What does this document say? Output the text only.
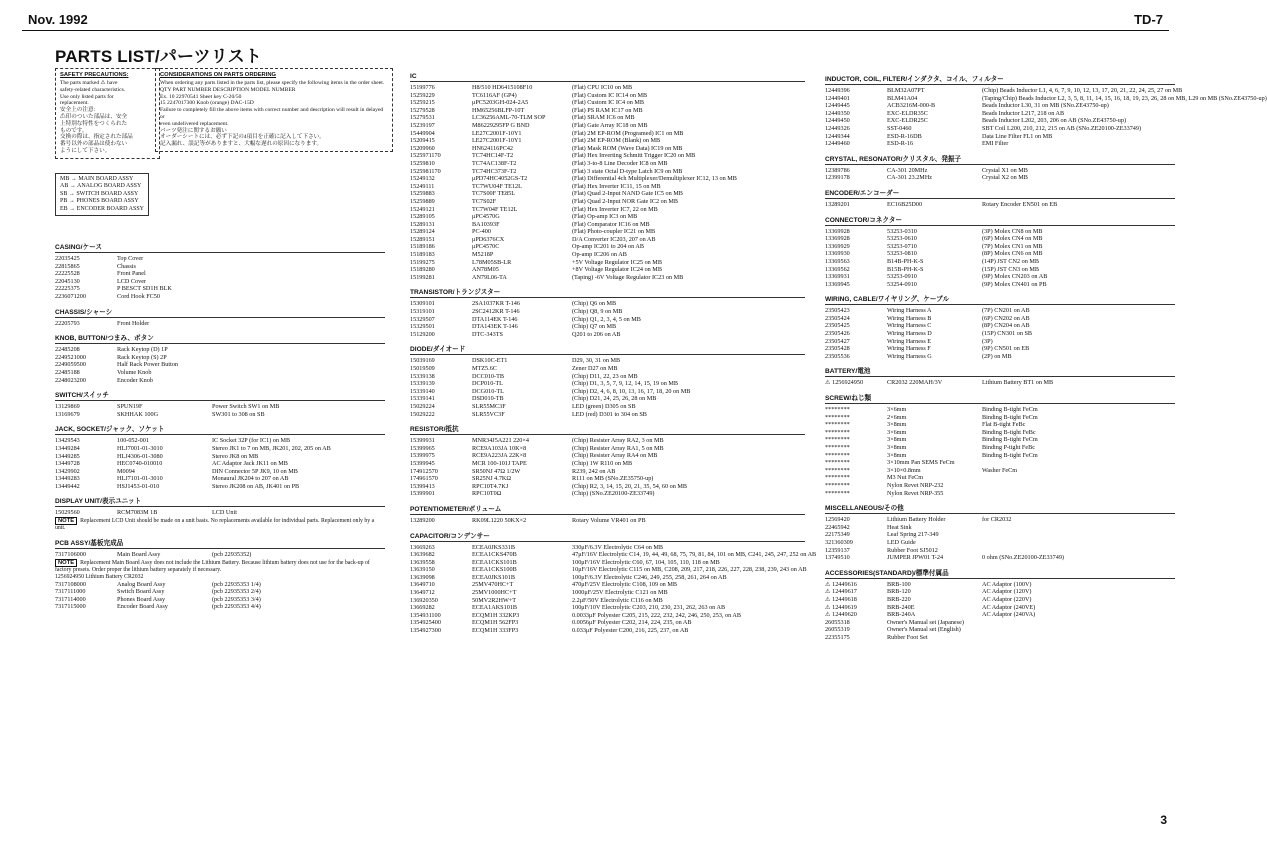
Nov. 1992	TD-7
PARTS LIST/パーツリスト
SAFETY PRECAUTIONS:
The parts marked ⚠ have
safety-related characteristics.
Use only listed parts for
replacement.
安全上の注意:
⚠印のついた部品は、安全
上特別な特性をつくられた
ものです。
交換の際は、指定された部品
番号以外の部品は使わない
ようにして下さい。
CONSIDERATIONS ON PARTS ORDERING
When ordering any parts listed in the parts list, please specify the following items in the order sheet.
QTY PART NUMBER DESCRIPTION MODEL NUMBER
Ex. 10 22970541 Sheet key C-20/50
15 2247017300 Knob (orange) DAC-15D
Failure to completely fill the above items with correct number and description will result in delayed or
even undelivered replacement.
パーツ発注に関するお願い
オーダーシートには、必ず下記の4項目を正確に記入して下さい。
記入漏れ、誤記等がありますと、大幅な遅れの原因になります。
MB → MAIN BOARD ASSY
AB → ANALOG BOARD ASSY
SB → SWITCH BOARD ASSY
PB → PHONES BOARD ASSY
EB → ENCODER BOARD ASSY
CASING/ケース
22035425	Top Cover
22815865	Chassis
22225528	Front Panel
22045130	LCD Cover
22225375	P BESCT SD1H BLK
2236071200	Cord Hook FC50
CHASSIS/シャーシ
22205793	Front Holder
KNOB, BUTTON/つまみ、ボタン
22485208	Rack Keytop (D) 1P
2249521000	Rack Keytop (S) 2P
2249059500	Half Rack Power Button
22485188	Volume Knob
2248023200	Encoder Knob
SWITCH/スイッチ
13129869	SPUN19F	Power Switch SW1 on MB
13169679	SKHHAK 100G	SW301 to 308 on SB
JACK, SOCKET/ジャック、ソケット
13429543	100-052-001	IC Socket 32P (for IC1) on MB
13449284	HLJ7001-01-3010	Stereo JK1 to 7 on MB, JK201, 202, 205 on AB
13449285	HLJ4306-01-3080	Stereo JK8 on MB
13449728	HEC0740-010010	AC Adaptor Jack JK11 on MB
13429902	M0094	DIN Connector 5P JK9, 10 on MB
13449283	HLJ7101-01-3010	Monaural JK204 to 207 on AB
13449442	HSJ1453-01-010	Stereo JK208 on AB, JK401 on PB
DISPLAY UNIT/表示ユニット
15029560	RCM7083M 1B	LCD Unit
NOTE Replacement LCD Unit should be made on a unit basis. No replacements available for individual parts. Replacement only by a unit.
PCB ASSY/基板完成品
7317106000	Main Board Assy	(pcb 22935352)
NOTE Replacement Main Board Assy does not include the Lithium Battery. Because lithium battery does not use for the back-up of factory presets. Order proper the lithium battery separately if necessary.
1256924950 Lithium Battery CR2032
7317108000	Analog Board Assy	(pcb 22935353 1/4)
7317111000	Switch Board Assy	(pcb 22935353 2/4)
7317114000	Phones Board Assy	(pcb 22935353 3/4)
7317115000	Encoder Board Assy	(pcb 22935353 4/4)
IC
15199776	H8/510 HD6415108F10	(Flat) CPU IC10 on MB
15259229	TC6116AF (GP4)	(Flat) Custom IC IC14 on MB
15259215	μPC5203GH-024-2A5	(Flat) Custom IC IC4 on MB
15279528	HM65256BLFP-10T	(Flat) PS RAM IC17 on MB
15279531	LC36256AML-70-TLM SOP	(Flat) SRAM IC6 on MB
15239197	M86229295FP G BND	(Flat) Gate Array IC18 on MB
15449904	LE27C2001F-10Y1	(Flat) 2M EP-ROM (Programed) IC1 on MB
15209415	LE27C2001F-10Y1	(Flat) 2M EP-ROM (Blank) on MB
15209960	HN624116PC42	(Flat) Mask ROM (Wave Data) IC19 on MB
1525971170	TC74HC14F-T2	(Flat) Hex Inverting Schmitt Trigger IC20 on MB
15259810	TC74AC138F-T2	(Flat) 3-to-8 Line Decoder IC8 on MB
1525981170	TC74HC373F-T2	(Flat) 3 state Octal D-type Latch IC9 on MB
15249132	μPD74HC4052GS-T2	(Flat) Differential 4ch Multiplexer/Demultiplexer IC12, 13 on MB
15249111	TC7WU04F TE12L	(Flat) Hex Inverter IC11, 15 on MB
15259883	TC7S00F TE85L	(Flat) Quad 2-Input NAND Gate IC5 on MB
15259889	TC7S02F	(Flat) Quad 2-Input NOR Gate IC2 on MB
15249121	TC7W04F TE12L	(Flat) Hex Inverter IC7, 22 on MB
15289105	μPC4570G	(Flat) Op-amp IC3 on MB
15289131	BA10393F	(Flat) Comparator IC16 on MB
15289124	PC-400	(Flat) Photo-coupler IC21 on MB
15289151	μPD6376CX	D/A Converter IC203, 207 on AB
15189186	μPC4570C	Op-amp IC201 to 204 on AB
15189183	M5218P	Op-amp IC206 on AB
15199275	L78M05SB-LR	+5V Voltage Regulator IC25 on MB
15189280	AN78M05	+8V Voltage Regulator IC24 on MB
15199281	AN79L06-TA	(Taping) -6V Voltage Regulator IC23 on MB
TRANSISTOR/トランジスター
15309101	2SA1037KR T-146	(Chip) Q6 on MB
15319101	2SC2412KR T-146	(Chip) Q8, 9 on MB
15329507	DTA114EK T-146	(Chip) Q1, 2, 3, 4, 5 on MB
15329501	DTA143EK T-146	(Chip) Q7 on MB
15129200	DTC-343TS	Q201 to 206 on AB
DIODE/ダイオード
15039169	DSK10C-ET1	D29, 30, 31 on MB
15019509	MTZ5.6C	Zener D27 on MB
15339138	DCC010-TB	(Chip) D11, 22, 23 on MB
15339139	DCP010-TL	(Chip) D1, 3, 5, 7, 9, 12, 14, 15, 19 on MB
15339140	DCG010-TL	(Chip) D2, 4, 6, 8, 10, 13, 16, 17, 18, 20 on MB
15339141	DSD010-TB	(Chip) D21, 24, 25, 26, 28 on MB
15029224	SLR55MC3F	LED (green) D305 on SB
15029222	SLR55VC3F	LED (red) D301 to 304 on SB
RESISTOR/抵抗
15399931	MNR34J5A221 220×4	(Chip) Resister Array RA2, 3 on MB
15399965	RCE9A103JA 10K×8	(Chip) Resister Array RA1, 5 on MB
15399975	RCE9A223JA 22K×8	(Chip) Resister Array RA4 on MB
15399945	MCR 100-101J TAPE	(Chip) 1W R110 on MB
174912570	SR50NJ 47Ω 1/2W	R239, 242 on AB
174961570	SR25NJ 4.7KΩ	R111 on MB (SNo.ZE35750-up)
15399413	RPC10T4.7KJ	(Chip) R2, 3, 14, 15, 20, 21, 35, 54, 60 on MB
15399901	RPC10T0Ω	(Chip) (SNo.ZE20100-ZE33749)
POTENTIOMETER/ボリューム
13289200	RK09L1220 50KX×2	Rotary Volume VR401 on PB
CAPACITOR/コンデンサー
13669263	ECEA0JKS331B	330μF/6.3V Electrolytic C64 on MB
13639682	ECEA1CKS470B	47μF/16V Electrolytic C14, 19, 44, 49, 68, 75, 79, 81, 84, 101 on MB, C241, 245, 247, 252 on AB
13639558	ECEA1CKS101B	100μF/16V Electrolytic C60, 67, 104, 105, 110, 118 on MB
13639150	ECEA1CKS100B	10μF/16V Electrolytic C115 on MB, C208, 209, 217, 218, 226, 227, 228, 238, 239, 243 on AB
13639098	ECEA0JKS101B	100μF/6.3V Electrolytic C246, 249, 255, 258, 261, 264 on AB
13649710	25MV470HC+T	470μF/25V Electrolytic C108, 109 on MB
13649712	25MV1000HC+T	1000μF/25V Electrolytic C121 on MB
136920350	50MV2R2HW+T	2.2μF/50V Electrolytic C116 on MB
13669282	ECEA1AKS101B	100μF/10V Electrolytic C203, 210, 230, 231, 262, 263 on AB
1354931100	ECQM1H 332KP3	0.0033μF Polyester C205, 215, 222, 232, 242, 246, 250, 253, on AB
1354925400	ECQM1H 562FP3	0.0056μF Polyester C202, 214, 224, 235, on AB
1354927300	ECQM1H 333FP3	0.033μF Polyester C200, 216, 225, 237, on AB
INDUCTOR, COIL, FILTER/インダクタ、コイル、フィルター
12449396	BLM32A07PT	(Chip) Beads Inductor L1, 4, 6, 7, 9, 10, 12, 13, 17, 20, 21, 22, 24, 25, 27 on MB
12449401	BLM41A04	(Taping/Chip) Beads Inductor L2, 3, 5, 8, 11, 14, 15, 16, 18, 19, 23, 26, 28 on MB, L29 on MB (SNo.ZE43750-up)
12449445	ACB3216M-000-B	Beads Inductor L30, 31 on MB (SNo.ZE43750-up)
12449350	EXC-ELDR35C	Beads Inductor L217, 218 on AB
12449450	EXC-ELDR25C	Beads Inductor L202, 203, 206 on AB (SNo.ZE43750-up)
12449326	SST-0460	SBT Coil L200, 210, 212, 215 on AB (SNo.ZE20100-ZE33749)
12449344	ESD-R-16DB	Data Line Filter FL1 on MB
12449460	ESD-R-16	EMI Filter
CRYSTAL, RESONATOR/クリスタル、発振子
12389786	CA-301 20MHz	Crystal X1 on MB
12399178	CA-301 23.2MHz	Crystal X2 on MB
ENCODER/エンコーダー
13289201	EC16B25D00	Rotary Encoder EN501 on EB
CONNECTOR/コネクター
13369928	53253-0310	(3P) Molex CN8 on MB
13369928	53253-0610	(6P) Molex CN4 on MB
13369929	53253-0710	(7P) Molex CN1 on MB
13369930	53253-0810	(8P) Molex CN6 on MB
13369563	B14B-PH-K-S	(14P) JST CN2 on MB
13369562	B15B-PH-K-S	(15P) JST CN3 on MB
13369931	53253-0910	(9P) Molex CN203 on AB
13369945	53254-0910	(9P) Molex CN401 on PB
WIRING, CABLE/ワイヤリング、ケーブル
23505423	Wiring Harness A	(7P) CN201 on AB
23505424	Wiring Harness B	(6P) CN202 on AB
23505425	Wiring Harness C	(8P) CN204 on AB
23505426	Wiring Harness D	(15P) CN301 on SB
23505427	Wiring Harness E	(3P)
23505428	Wiring Harness F	(9P) CN501 on EB
23505536	Wiring Harness G	(2P) on MB
BATTERY/電池
⚠ 1256924950	CR2032 220MAH/3V	Lithium Battery BT1 on MB
SCREW/ねじ類
********	3×6mm	Binding B-tight FeCm
********	2×6mm	Binding B-tight FeCm
********	3×8mm	Flat B-tight FeBc
********	3×6mm	Binding B-tight FeBc
********	3×8mm	Binding B-tight FeCm
********	3×8mm	Binding P-tight FeBc
********	3×8mm	Binding B-tight FeCm
********	3×10mm Pan SEMS FeCm
********	3×10×0.8mm	Washer FeCm
********	M3 Nut FeCm
********	Nylon Revet NRP-232
********	Nylon Revet NRP-355
MISCELLANEOUS/その他
12569420	Lithium Battery Holder	for CR2032
22465942	Heat Sink
22175349	Leaf Spring 217-349
321360309	LED Guide
12359137	Rubber Foot SJ5012
13749510	JUMPER JPW01 T-24	0 ohm (SNo.ZE20100-ZE33749)
ACCESSORIES(STANDARD)/標準付属品
⚠ 12449616	BRB-100	AC Adaptor (100V)
⚠ 12449617	BRB-120	AC Adaptor (120V)
⚠ 12449618	BRB-220	AC Adaptor (220V)
⚠ 12449619	BRB-240E	AC Adaptor (240VE)
⚠ 12449620	BRB-240A	AC Adaptor (240VA)
26055318	Owner's Manual set (Japanese)
26055319	Owner's Manual set (English)
22355175	Rubber Foot Set
3
